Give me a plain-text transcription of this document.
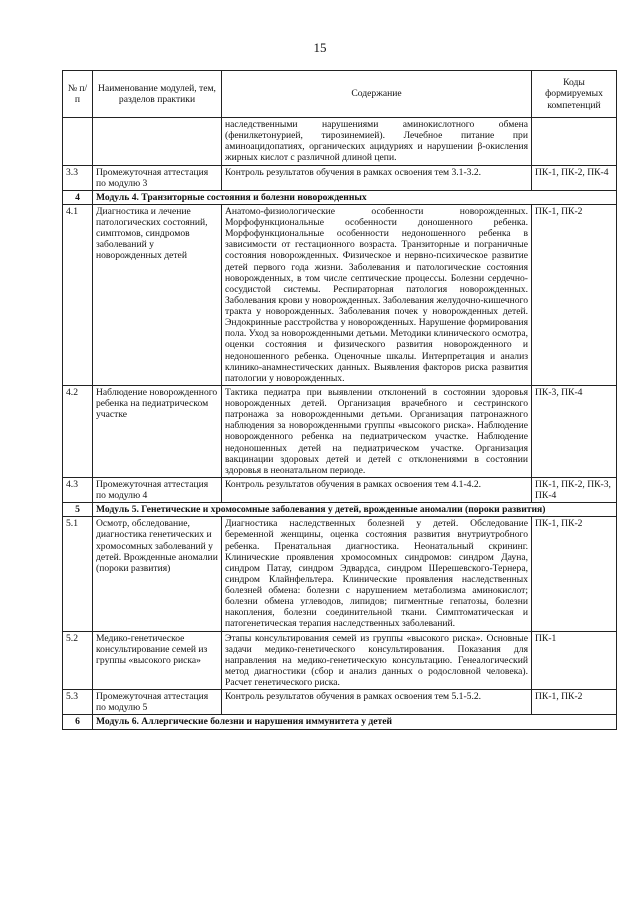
15
№ п/п	Наименование модулей, тем, разделов практики	Содержание	Коды формируемых компетенций
		наследственными нарушениями аминокислотного обмена (фенилкетонурией, тирозинемией). Лечебное питание при аминоацидопатиях, органических ацидуриях и нарушении β-окисления жирных кислот с различной длиной цепи.	
3.3	Промежуточная аттестация по модулю 3	Контроль результатов обучения в рамках освоения тем 3.1-3.2.	ПК-1, ПК-2, ПК-4
4	Модуль 4. Транзиторные состояния и болезни новорожденных		
4.1	Диагностика и лечение патологических состояний, симптомов, синдромов заболеваний у новорожденных детей	Анатомо-физиологические особенности новорожденных. Морфофункциональные особенности доношенного ребенка. Морфофункциональные особенности недоношенного ребенка в зависимости от гестационного возраста. Транзиторные и пограничные состояния новорожденных. Физическое и нервно-психическое развитие детей первого года жизни. Заболевания и патологические состояния новорожденных, в том числе септические процессы. Болезни сердечно-сосудистой системы. Респираторная патология новорожденных. Заболевания крови у новорожденных. Заболевания желудочно-кишечного тракта у новорожденных. Заболевания почек у новорожденных детей. Эндокринные расстройства у новорожденных. Нарушение формирования пола. Уход за новорожденными детьми. Методики клинического осмотра, оценки состояния и физического развития новорожденного и недоношенного ребенка. Оценочные шкалы. Интерпретация и анализ клинико-анамнестических данных. Выявления факторов риска развития патологии у новорожденных.	ПК-1, ПК-2
4.2	Наблюдение новорожденного ребенка на педиатрическом участке	Тактика педиатра при выявлении отклонений в состоянии здоровья новорожденных детей. Организация врачебного и сестринского патронажа за новорожденными детьми. Организация патронажного наблюдения за новорожденными группы «высокого риска». Наблюдение новорожденного ребенка на педиатрическом участке. Наблюдение недоношенных детей на педиатрическом участке. Организация вакцинации здоровых детей и детей с отклонениями в состоянии здоровья в неонатальном периоде.	ПК-3, ПК-4
4.3	Промежуточная аттестация по модулю 4	Контроль результатов обучения в рамках освоения тем 4.1-4.2.	ПК-1, ПК-2, ПК-3, ПК-4
5	Модуль 5. Генетические и хромосомные заболевания у детей, врожденные аномалии (пороки развития)		
5.1	Осмотр, обследование, диагностика генетических и хромосомных заболеваний у детей. Врожденные аномалии (пороки развития)	Диагностика наследственных болезней у детей. Обследование беременной женщины, оценка состояния развития внутриутробного ребенка. Пренатальная диагностика. Неонатальный скрининг. Клинические проявления хромосомных синдромов: синдром Дауна, синдром Патау, синдром Эдвардса, синдром Шерешевского-Тернера, синдром Клайнфельтера. Клинические проявления наследственных болезней обмена: болезни с нарушением метаболизма аминокислот; болезни обмена углеводов, липидов; пигментные гепатозы, болезни накопления, болезни соединительной ткани. Симптоматическая и патогенетическая терапия наследственных заболеваний.	ПК-1, ПК-2
5.2	Медико-генетическое консультирование семей из группы «высокого риска»	Этапы консультирования семей из группы «высокого риска». Основные задачи медико-генетического консультирования. Показания для направления на медико-генетическую консультацию. Генеалогический метод диагностики (сбор и анализ данных о родословной человека). Расчет генетического риска.	ПК-1
5.3	Промежуточная аттестация по модулю 5	Контроль результатов обучения в рамках освоения тем 5.1-5.2.	ПК-1, ПК-2
6	Модуль 6. Аллергические болезни и нарушения иммунитета у детей		
